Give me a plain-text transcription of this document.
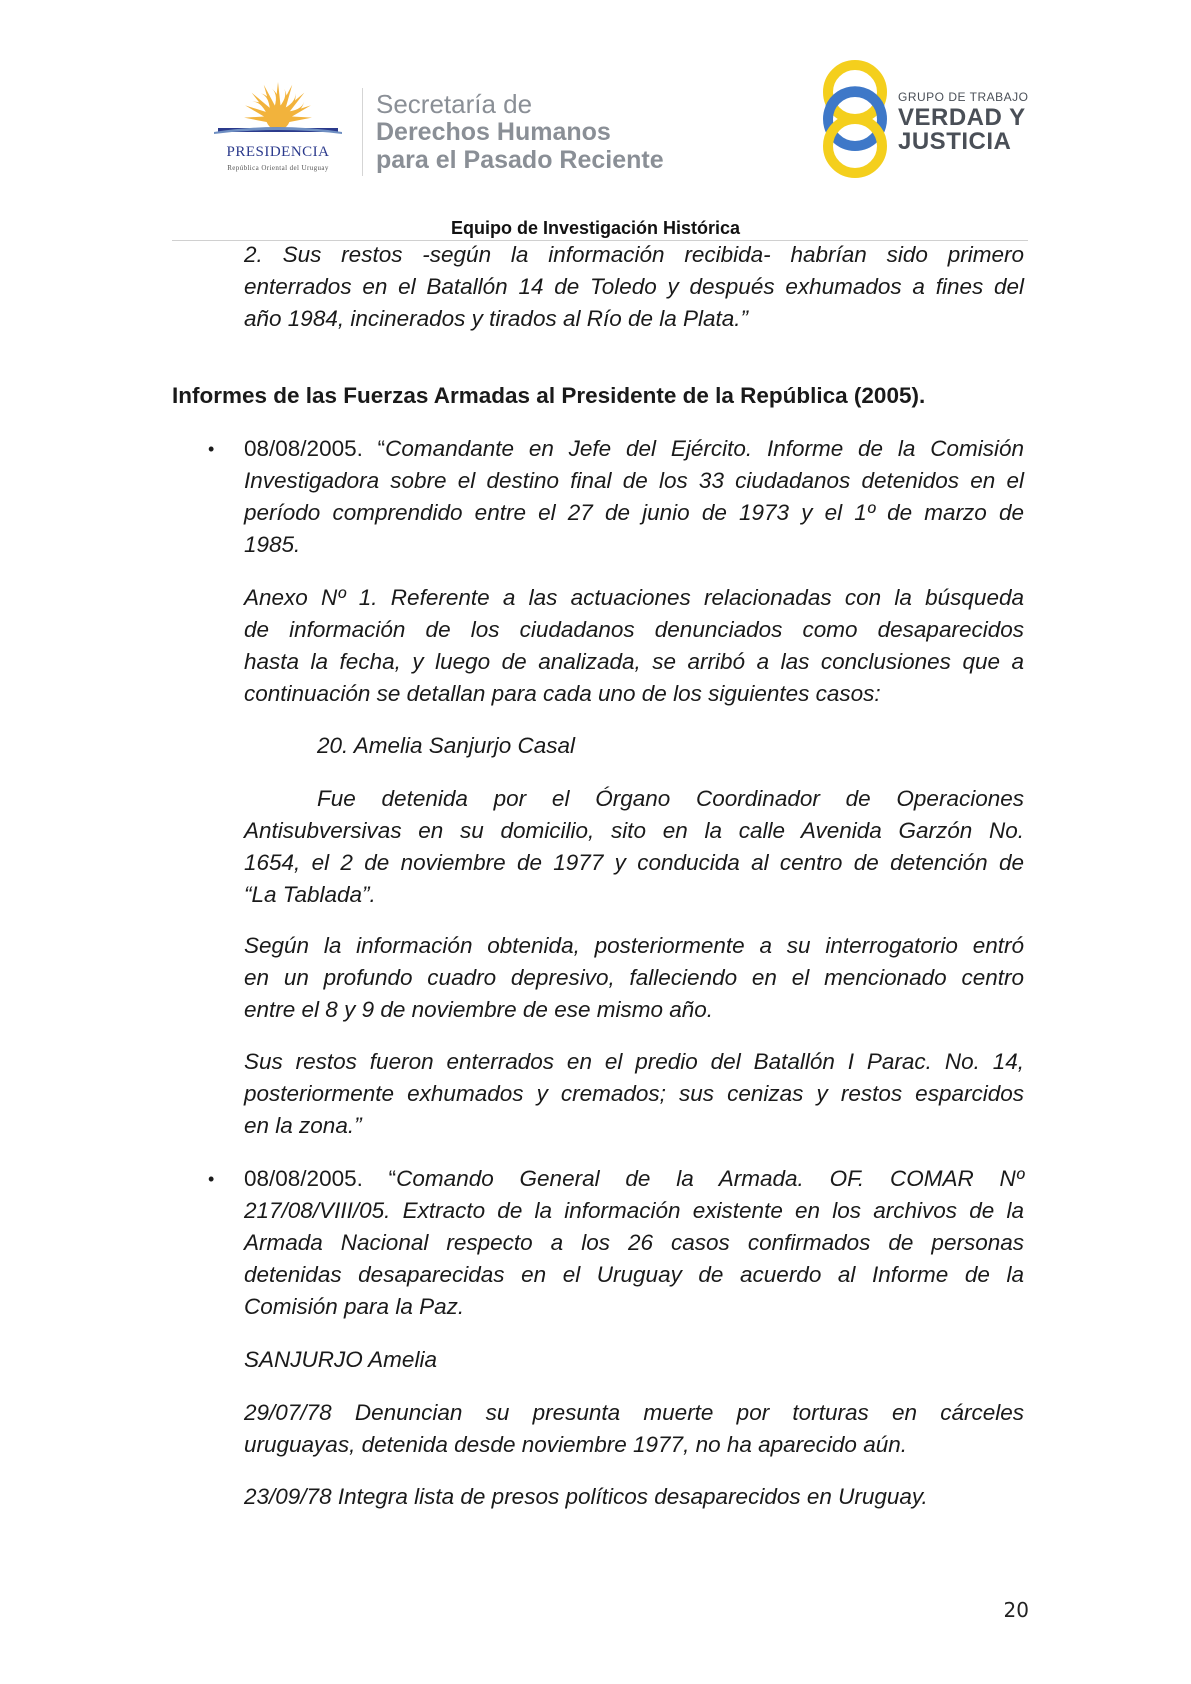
PRESIDENCIA
República Oriental del Uruguay
Secretaría de
Derechos Humanos
para el Pasado Reciente
GRUPO DE TRABAJO
VERDAD Y
JUSTICIA
Equipo de Investigación Histórica
2. Sus restos -según la información recibida- habrían sido primero
enterrados en el Batallón 14 de Toledo y después exhumados a fines del
año 1984, incinerados y tirados al Río de la Plata.”
Informes de las Fuerzas Armadas al Presidente de la República (2005).
• 08/08/2005. “Comandante en Jefe del Ejército. Informe de la Comisión
Investigadora sobre el destino final de los 33 ciudadanos detenidos en el
período comprendido entre el 27 de junio de 1973 y el 1º de marzo de
1985.
Anexo Nº 1. Referente a las actuaciones relacionadas con la búsqueda
de información de los ciudadanos denunciados como desaparecidos
hasta la fecha, y luego de analizada, se arribó a las conclusiones que a
continuación se detallan para cada uno de los siguientes casos:
20. Amelia Sanjurjo Casal
Fue detenida por el Órgano Coordinador de Operaciones
Antisubversivas en su domicilio, sito en la calle Avenida Garzón No.
1654, el 2 de noviembre de 1977 y conducida al centro de detención de
“La Tablada”.
Según la información obtenida, posteriormente a su interrogatorio entró
en un profundo cuadro depresivo, falleciendo en el mencionado centro
entre el 8 y 9 de noviembre de ese mismo año.
Sus restos fueron enterrados en el predio del Batallón I Parac. No. 14,
posteriormente exhumados y cremados; sus cenizas y restos esparcidos
en la zona.”
• 08/08/2005. “Comando General de la Armada. OF. COMAR Nº
217/08/VIII/05. Extracto de la información existente en los archivos de la
Armada Nacional respecto a los 26 casos confirmados de personas
detenidas desaparecidas en el Uruguay de acuerdo al Informe de la
Comisión para la Paz.
SANJURJO Amelia
29/07/78 Denuncian su presunta muerte por torturas en cárceles
uruguayas, detenida desde noviembre 1977, no ha aparecido aún.
23/09/78 Integra lista de presos políticos desaparecidos en Uruguay.
20
